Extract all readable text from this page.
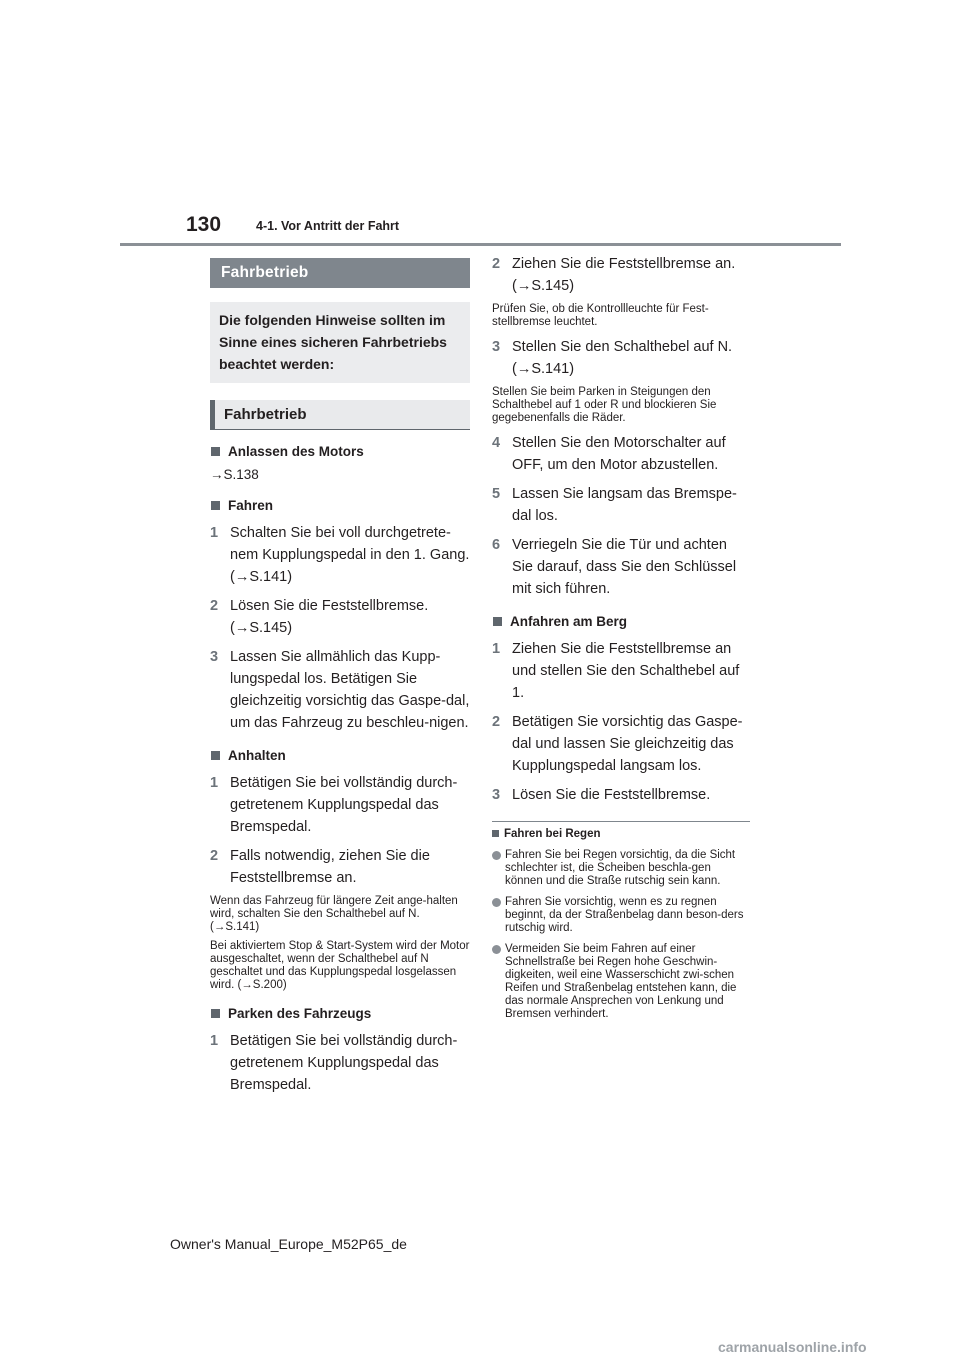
130	4-1. Vor Antritt der Fahrt
Fahrbetrieb
Die folgenden Hinweise sollten im Sinne eines sicheren Fahrbetriebs beachtet werden:
Fahrbetrieb
Anlassen des Motors
→S.138
Fahren
1 Schalten Sie bei voll durchgetrete-nem Kupplungspedal in den 1. Gang. (→S.141)
2 Lösen Sie die Feststellbremse. (→S.145)
3 Lassen Sie allmählich das Kupp-lungspedal los. Betätigen Sie gleichzeitig vorsichtig das Gaspe-dal, um das Fahrzeug zu beschleu-nigen.
Anhalten
1 Betätigen Sie bei vollständig durch-getretenem Kupplungspedal das Bremspedal.
2 Falls notwendig, ziehen Sie die Feststellbremse an.
Wenn das Fahrzeug für längere Zeit ange-halten wird, schalten Sie den Schalthebel auf N. (→S.141)
Bei aktiviertem Stop & Start-System wird der Motor ausgeschaltet, wenn der Schalthebel auf N geschaltet und das Kupplungspedal losgelassen wird. (→S.200)
Parken des Fahrzeugs
1 Betätigen Sie bei vollständig durch-getretenem Kupplungspedal das Bremspedal.
2 Ziehen Sie die Feststellbremse an. (→S.145)
Prüfen Sie, ob die Kontrollleuchte für Fest-stellbremse leuchtet.
3 Stellen Sie den Schalthebel auf N. (→S.141)
Stellen Sie beim Parken in Steigungen den Schalthebel auf 1 oder R und blockieren Sie gegebenenfalls die Räder.
4 Stellen Sie den Motorschalter auf OFF, um den Motor abzustellen.
5 Lassen Sie langsam das Bremspe-dal los.
6 Verriegeln Sie die Tür und achten Sie darauf, dass Sie den Schlüssel mit sich führen.
Anfahren am Berg
1 Ziehen Sie die Feststellbremse an und stellen Sie den Schalthebel auf 1.
2 Betätigen Sie vorsichtig das Gaspe-dal und lassen Sie gleichzeitig das Kupplungspedal langsam los.
3 Lösen Sie die Feststellbremse.
Fahren bei Regen
Fahren Sie bei Regen vorsichtig, da die Sicht schlechter ist, die Scheiben beschla-gen können und die Straße rutschig sein kann.
Fahren Sie vorsichtig, wenn es zu regnen beginnt, da der Straßenbelag dann beson-ders rutschig wird.
Vermeiden Sie beim Fahren auf einer Schnellstraße bei Regen hohe Geschwin-digkeiten, weil eine Wasserschicht zwi-schen Reifen und Straßenbelag entstehen kann, die das normale Ansprechen von Lenkung und Bremsen verhindert.
Owner's Manual_Europe_M52P65_de
carmanualsonline.info
